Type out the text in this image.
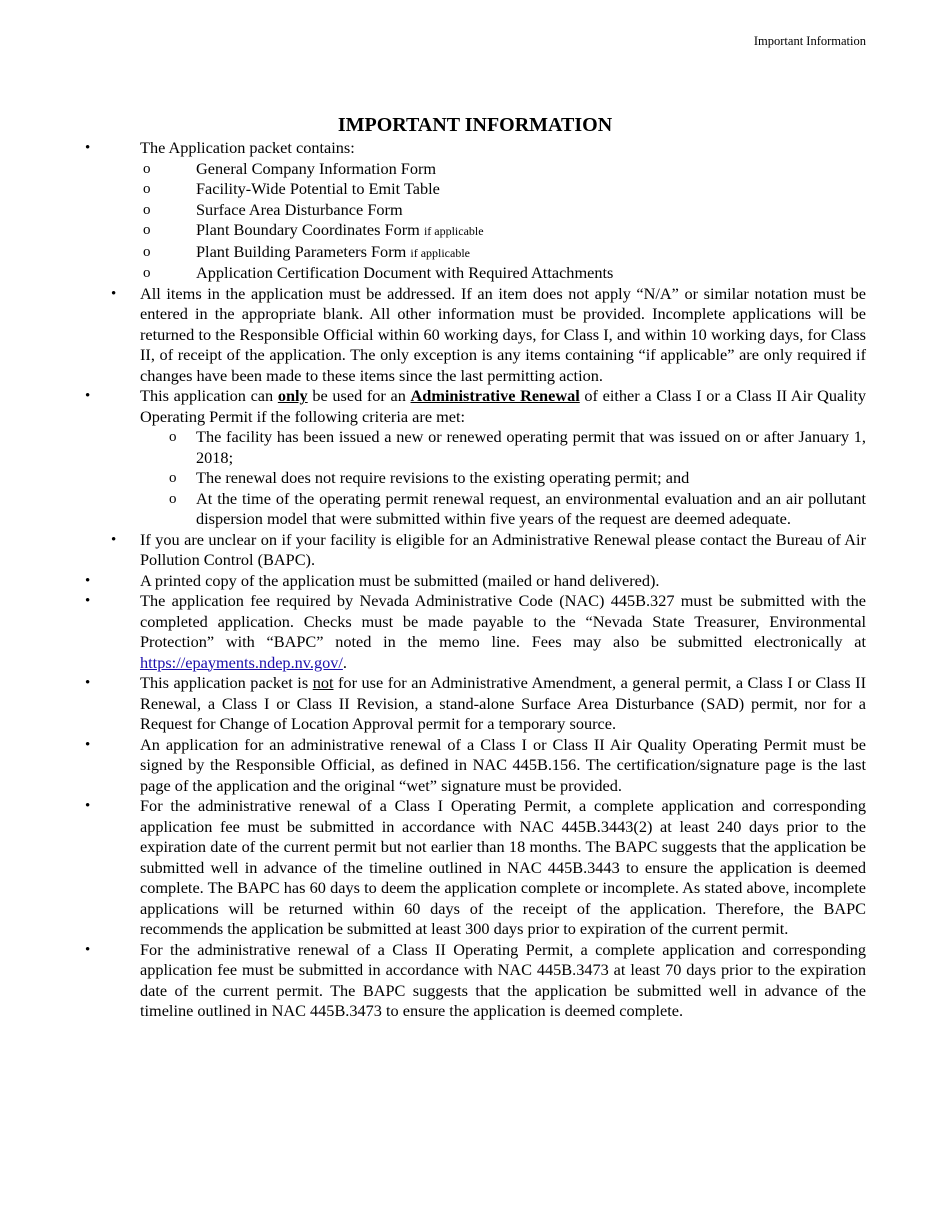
Important Information
IMPORTANT INFORMATION
•	The Application packet contains:
o	General Company Information Form
o	Facility-Wide Potential to Emit Table
o	Surface Area Disturbance Form
o	Plant Boundary Coordinates Form if applicable
o	Plant Building Parameters Form if applicable
o	Application Certification Document with Required Attachments
• All items in the application must be addressed. If an item does not apply “N/A” or similar notation must be entered in the appropriate blank. All other information must be provided. Incomplete applications will be returned to the Responsible Official within 60 working days, for Class I, and within 10 working days, for Class II, of receipt of the application. The only exception is any items containing “if applicable” are only required if changes have been made to these items since the last permitting action.
•	This application can only be used for an Administrative Renewal of either a Class I or a Class II Air Quality Operating Permit if the following criteria are met:
o The facility has been issued a new or renewed operating permit that was issued on or after January 1, 2018;
o The renewal does not require revisions to the existing operating permit; and
o At the time of the operating permit renewal request, an environmental evaluation and an air pollutant dispersion model that were submitted within five years of the request are deemed adequate.
• If you are unclear on if your facility is eligible for an Administrative Renewal please contact the Bureau of Air Pollution Control (BAPC).
•	A printed copy of the application must be submitted (mailed or hand delivered).
•	The application fee required by Nevada Administrative Code (NAC) 445B.327 must be submitted with the completed application. Checks must be made payable to the “Nevada State Treasurer, Environmental Protection” with “BAPC” noted in the memo line. Fees may also be submitted electronically at https://epayments.ndep.nv.gov/.
•	This application packet is not for use for an Administrative Amendment, a general permit, a Class I or Class II Renewal, a Class I or Class II Revision, a stand-alone Surface Area Disturbance (SAD) permit, nor for a Request for Change of Location Approval permit for a temporary source.
•	An application for an administrative renewal of a Class I or Class II Air Quality Operating Permit must be signed by the Responsible Official, as defined in NAC 445B.156. The certification/signature page is the last page of the application and the original “wet” signature must be provided.
•	For the administrative renewal of a Class I Operating Permit, a complete application and corresponding application fee must be submitted in accordance with NAC 445B.3443(2) at least 240 days prior to the expiration date of the current permit but not earlier than 18 months. The BAPC suggests that the application be submitted well in advance of the timeline outlined in NAC 445B.3443 to ensure the application is deemed complete. The BAPC has 60 days to deem the application complete or incomplete. As stated above, incomplete applications will be returned within 60 days of the receipt of the application. Therefore, the BAPC recommends the application be submitted at least 300 days prior to expiration of the current permit.
•	For the administrative renewal of a Class II Operating Permit, a complete application and corresponding application fee must be submitted in accordance with NAC 445B.3473 at least 70 days prior to the expiration date of the current permit. The BAPC suggests that the application be submitted well in advance of the timeline outlined in NAC 445B.3473 to ensure the application is deemed complete.
